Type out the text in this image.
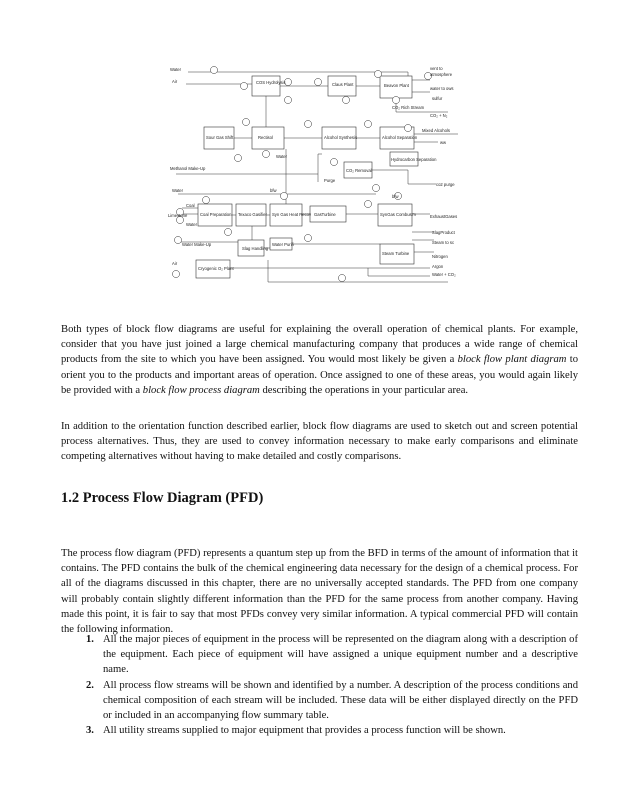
Water
Air	COS Hydrolysis	Claus Plant	Beavon Plant
vent to
atmosphere
water to ows
sulfur
CO₂ Rich Stream
CO₂ + N₂
Sour Gas Shift	Rectisol
Water
Alcohol Synthesis	Alcohol Separation
Mixed Alcohols
ww
Hydrocarbon Separation
Methanol Make-Up
Purge
CO₂ Removal
co2 purge
Water	bfw
bfw
Coal
Limestone
Water
Coal Preparation Texaco Gasifier Syn Gas Heat Recov GasTurbine	SynGas Combust'n	ExhaustGases
Water Make-Up
Slag Handling
Water Purifi
SlagProduct
Steam to sc
Steam Turbine
Cryogenic O₂ Plant
Air
Nitrogen
Argon
Water + CO₂

Both types of block flow diagrams are useful for explaining the overall operation of chemical plants. For example, consider that you have just joined a large chemical manufacturing company that produces a wide range of chemical products from the site to which you have been assigned. You would most likely be given a block flow plant diagram to orient you to the products and important areas of operation. Once assigned to one of these areas, you would again likely be provided with a block flow process diagram describing the operations in your particular area.

In addition to the orientation function described earlier, block flow diagrams are used to sketch out and screen potential process alternatives. Thus, they are used to convey information necessary to make early comparisons and eliminate competing alternatives without having to make detailed and costly comparisons.

1.2 Process Flow Diagram (PFD)

The process flow diagram (PFD) represents a quantum step up from the BFD in terms of the amount of information that it contains. The PFD contains the bulk of the chemical engineering data necessary for the design of a chemical process. For all of the diagrams discussed in this chapter, there are no universally accepted standards. The PFD from one company will probably contain slightly different information than the PFD for the same process from another company. Having made this point, it is fair to say that most PFDs convey very similar information. A typical commercial PFD will contain the following information.

1. All the major pieces of equipment in the process will be represented on the diagram along with a description of the equipment. Each piece of equipment will have assigned a unique equipment number and a descriptive name.
2. All process flow streams will be shown and identified by a number. A description of the process conditions and chemical composition of each stream will be included. These data will be either displayed directly on the PFD or included in an accompanying flow summary table.
3. All utility streams supplied to major equipment that provides a process function will be shown.
